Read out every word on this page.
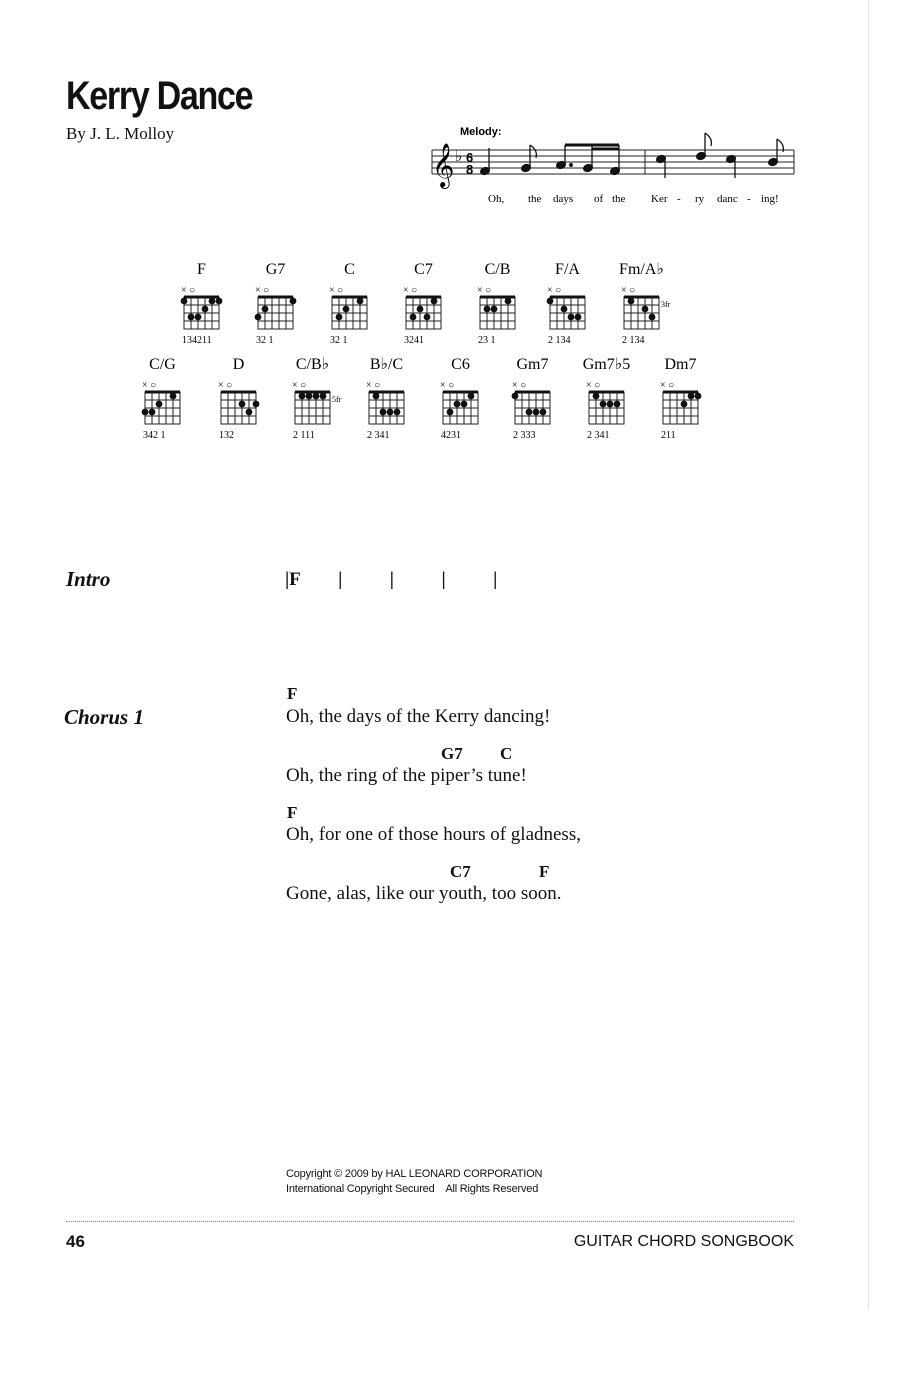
Kerry Dance
By J. L. Molloy	Melody:
𝄞 ♭ 6
8
Oh, the days of the Ker - ry danc - ing!
F
× ○
134211
G7
× ○
32 1
C
× ○
32 1
C7
× ○
3241
C/B
× ○
23 1
F/A
× ○
2 134
Fm/A♭
× ○
3fr
2 134
C/G
× ○
342 1
D
× ○
132
C/B♭
× ○
5fr
2 111
B♭/C
× ○
2 341
C6
× ○
4231
Gm7
× ○
2 333
Gm7♭5
× ○
2 341
Dm7
× ○
211
Intro	|F        |          |          |          |
Chorus 1
F
Oh, the days of the Kerry dancing!
G7 C
Oh, the ring of the piper’s tune!
F
Oh, for one of those hours of gladness,
C7	F
Gone, alas, like our youth, too soon.
Copyright © 2009 by HAL LEONARD CORPORATION
International Copyright Secured    All Rights Reserved
46	GUITAR CHORD SONGBOOK
